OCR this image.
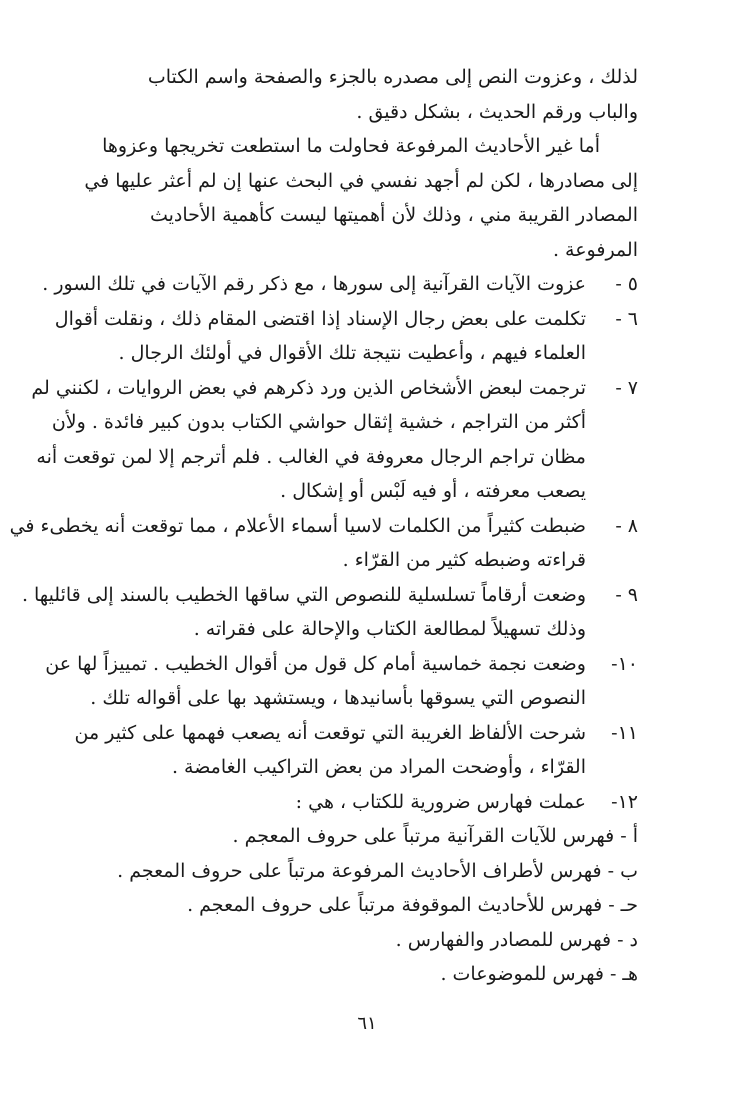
لذلك ، وعزوت النص إلى مصدره بالجزء والصفحة واسم الكتاب
والباب ورقم الحديث ، بشكل دقيق .
أما غير الأحاديث المرفوعة فحاولت ما استطعت تخريجها وعزوها
إلى مصادرها ، لكن لم أجهد نفسي في البحث عنها إن لم أعثر عليها في
المصادر القريبة مني ، وذلك لأن أهميتها ليست كأهمية الأحاديث
المرفوعة .
٥ -
عزوت الآيات القرآنية إلى سورها ، مع ذكر رقم الآيات في تلك السور .
٦ -
تكلمت على بعض رجال الإسناد إذا اقتضى المقام ذلك ، ونقلت أقوال
العلماء فيهم ، وأعطيت نتيجة تلك الأقوال في أولئك الرجال .
٧ -
ترجمت لبعض الأشخاص الذين ورد ذكرهم في بعض الروايات ، لكنني لم
أكثر من التراجم ، خشية إثقال حواشي الكتاب بدون كبير فائدة . ولأن
مظان تراجم الرجال معروفة في الغالب . فلم أترجم إلا لمن توقعت أنه
يصعب معرفته ، أو فيه لَبْس أو إشكال .
٨ -
ضبطت كثيراً من الكلمات لاسيا أسماء الأعلام ، مما توقعت أنه يخطىء في
قراءته وضبطه كثير من القرّاء .
٩ -
وضعت أرقاماً تسلسلية للنصوص التي ساقها الخطيب بالسند إلى قائليها .
وذلك تسهيلاً لمطالعة الكتاب والإحالة على فقراته .
١٠-
وضعت نجمة خماسية أمام كل قول من أقوال الخطيب . تمييزاً لها عن
النصوص التي يسوقها بأسانيدها ، ويستشهد بها على أقواله تلك .
١١-
شرحت الألفاظ الغريبة التي توقعت أنه يصعب فهمها على كثير من
القرّاء ، وأوضحت المراد من بعض التراكيب الغامضة .
١٢-
عملت فهارس ضرورية للكتاب ، هي :
أ - فهرس للآيات القرآنية مرتباً على حروف المعجم .
ب - فهرس لأطراف الأحاديث المرفوعة مرتباً على حروف المعجم .
حـ - فهرس للأحاديث الموقوفة مرتباً على حروف المعجم .
د - فهرس للمصادر والفهارس .
هـ - فهرس للموضوعات .
٦١
